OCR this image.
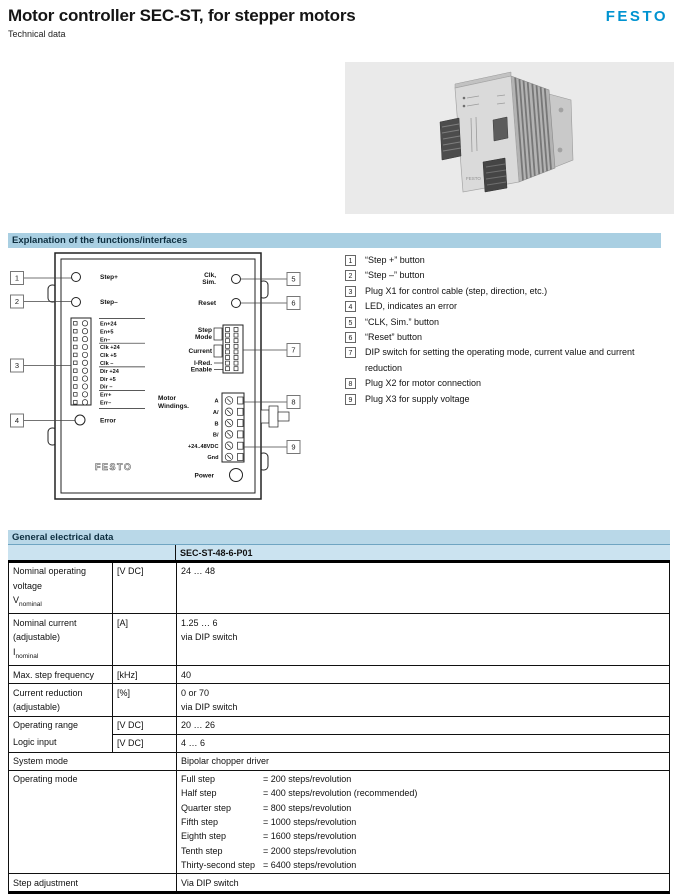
Motor controller SEC-ST, for stepper motors
Technical data
FESTO
FESTO
Explanation of the functions/interfaces
Step+
Step–
Clk,
Sim.
Reset
Error
Power
FESTO
En+24
En+5
En–
Clk +24
Clk +5
Clk –
Dir +24
Dir +5
Dir –
Err+
Err–
Step
Mode
Current
I-Red.
Enable
Motor
Windings.
A
A/
B
B/
+24..48VDC
Gnd
1
2
3
4
5
6
7
8
9
1	“Step +” button
2	“Step –” button
3	Plug X1 for control cable (step, direction, etc.)
4	LED, indicates an error
5	“CLK, Sim.” button
6	“Reset” button
7	DIP switch for setting the operating mode, current value and current reduction
8	Plug X2 for motor connection
9	Plug X3 for supply voltage
General electrical data
SEC-ST-48-6-P01
Nominal operating voltage
$V_{nominal}$
[V DC]	24 … 48
Nominal current
(adjustable)
$I_{nominal}$
[A]	1.25 … 6
via DIP switch
Max. step frequency	[kHz]	40
Current reduction
(adjustable)
[%]	0 or 70
via DIP switch
Operating range	[V DC]	20 … 26
Logic input	[V DC]	4 … 6
System mode	Bipolar chopper driver
Operating mode	Full step	= 200 steps/revolution
Half step	= 400 steps/revolution (recommended)
Quarter step	= 800 steps/revolution
Fifth step	= 1000 steps/revolution
Eighth step	= 1600 steps/revolution
Tenth step	= 2000 steps/revolution
Thirty-second step = 6400 steps/revolution
Step adjustment	Via DIP switch
